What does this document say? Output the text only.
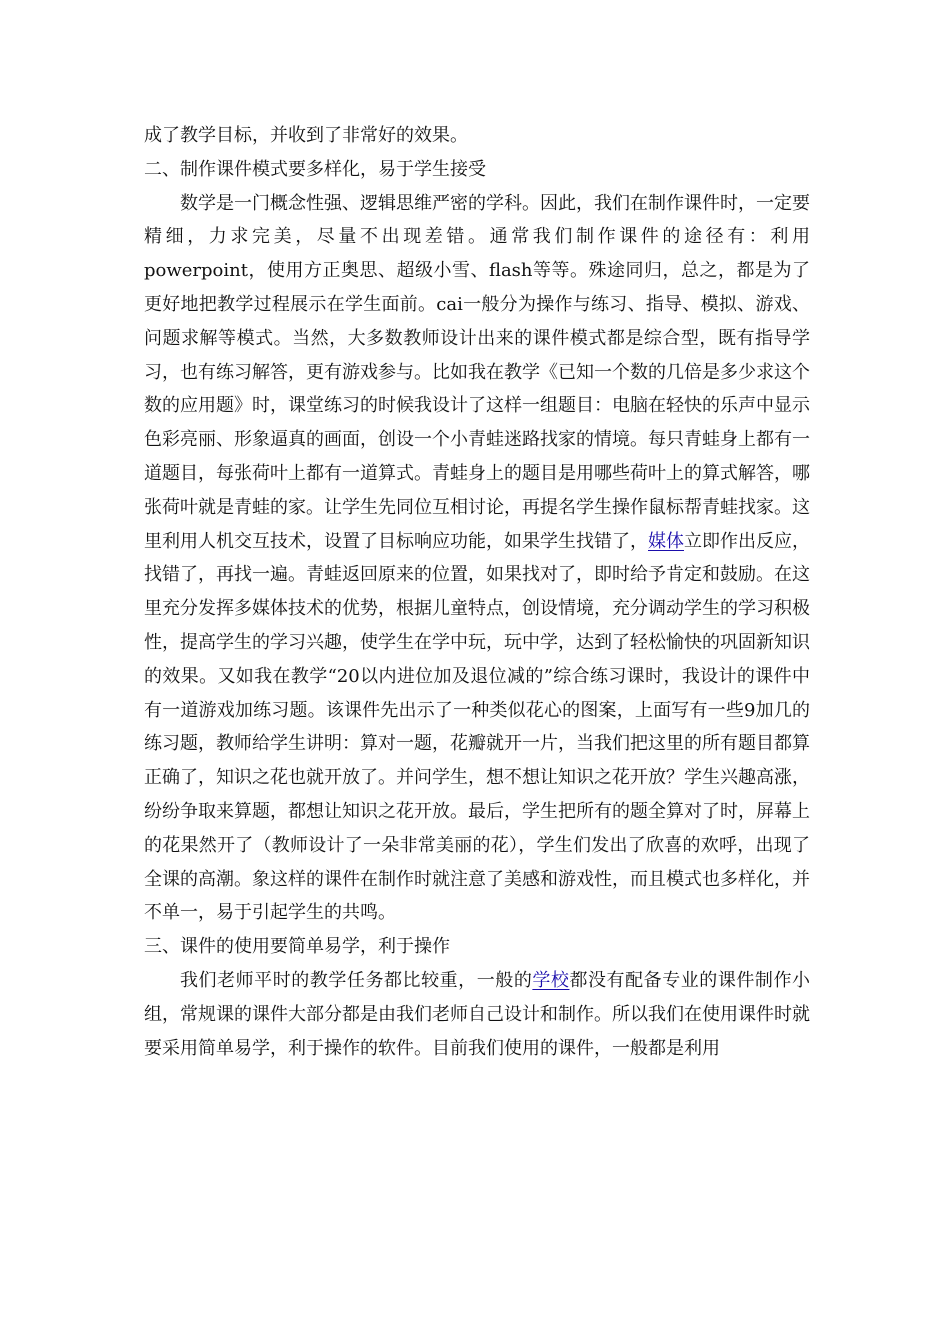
成了教学目标，并收到了非常好的效果。

二、制作课件模式要多样化，易于学生接受

数学是一门概念性强、逻辑思维严密的学科。因此，我们在制作课件时，一定要精细，力求完美，尽量不出现差错。通常我们制作课件的途径有：利用powerpoint，使用方正奥思、超级小雪、flash等等。殊途同归，总之，都是为了更好地把教学过程展示在学生面前。cai一般分为操作与练习、指导、模拟、游戏、问题求解等模式。当然，大多数教师设计出来的课件模式都是综合型，既有指导学习，也有练习解答，更有游戏参与。比如我在教学《已知一个数的几倍是多少求这个数的应用题》时，课堂练习的时候我设计了这样一组题目：电脑在轻快的乐声中显示色彩亮丽、形象逼真的画面，创设一个小青蛙迷路找家的情境。每只青蛙身上都有一道题目，每张荷叶上都有一道算式。青蛙身上的题目是用哪些荷叶上的算式解答，哪张荷叶就是青蛙的家。让学生先同位互相讨论，再提名学生操作鼠标帮青蛙找家。这里利用人机交互技术，设置了目标响应功能，如果学生找错了，媒体立即作出反应，找错了，再找一遍。青蛙返回原来的位置，如果找对了，即时给予肯定和鼓励。在这里充分发挥多媒体技术的优势，根据儿童特点，创设情境，充分调动学生的学习积极性，提高学生的学习兴趣，使学生在学中玩，玩中学，达到了轻松愉快的巩固新知识的效果。又如我在教学“20以内进位加及退位减的”综合练习课时，我设计的课件中有一道游戏加练习题。该课件先出示了一种类似花心的图案，上面写有一些9加几的练习题，教师给学生讲明：算对一题，花瓣就开一片，当我们把这里的所有题目都算正确了，知识之花也就开放了。并问学生，想不想让知识之花开放？学生兴趣高涨，纷纷争取来算题，都想让知识之花开放。最后，学生把所有的题全算对了时，屏幕上的花果然开了（教师设计了一朵非常美丽的花），学生们发出了欣喜的欢呼，出现了全课的高潮。象这样的课件在制作时就注意了美感和游戏性，而且模式也多样化，并不单一，易于引起学生的共鸣。

三、课件的使用要简单易学，利于操作

我们老师平时的教学任务都比较重，一般的学校都没有配备专业的课件制作小组，常规课的课件大部分都是由我们老师自己设计和制作。所以我们在使用课件时就要采用简单易学，利于操作的软件。目前我们使用的课件，一般都是利用
